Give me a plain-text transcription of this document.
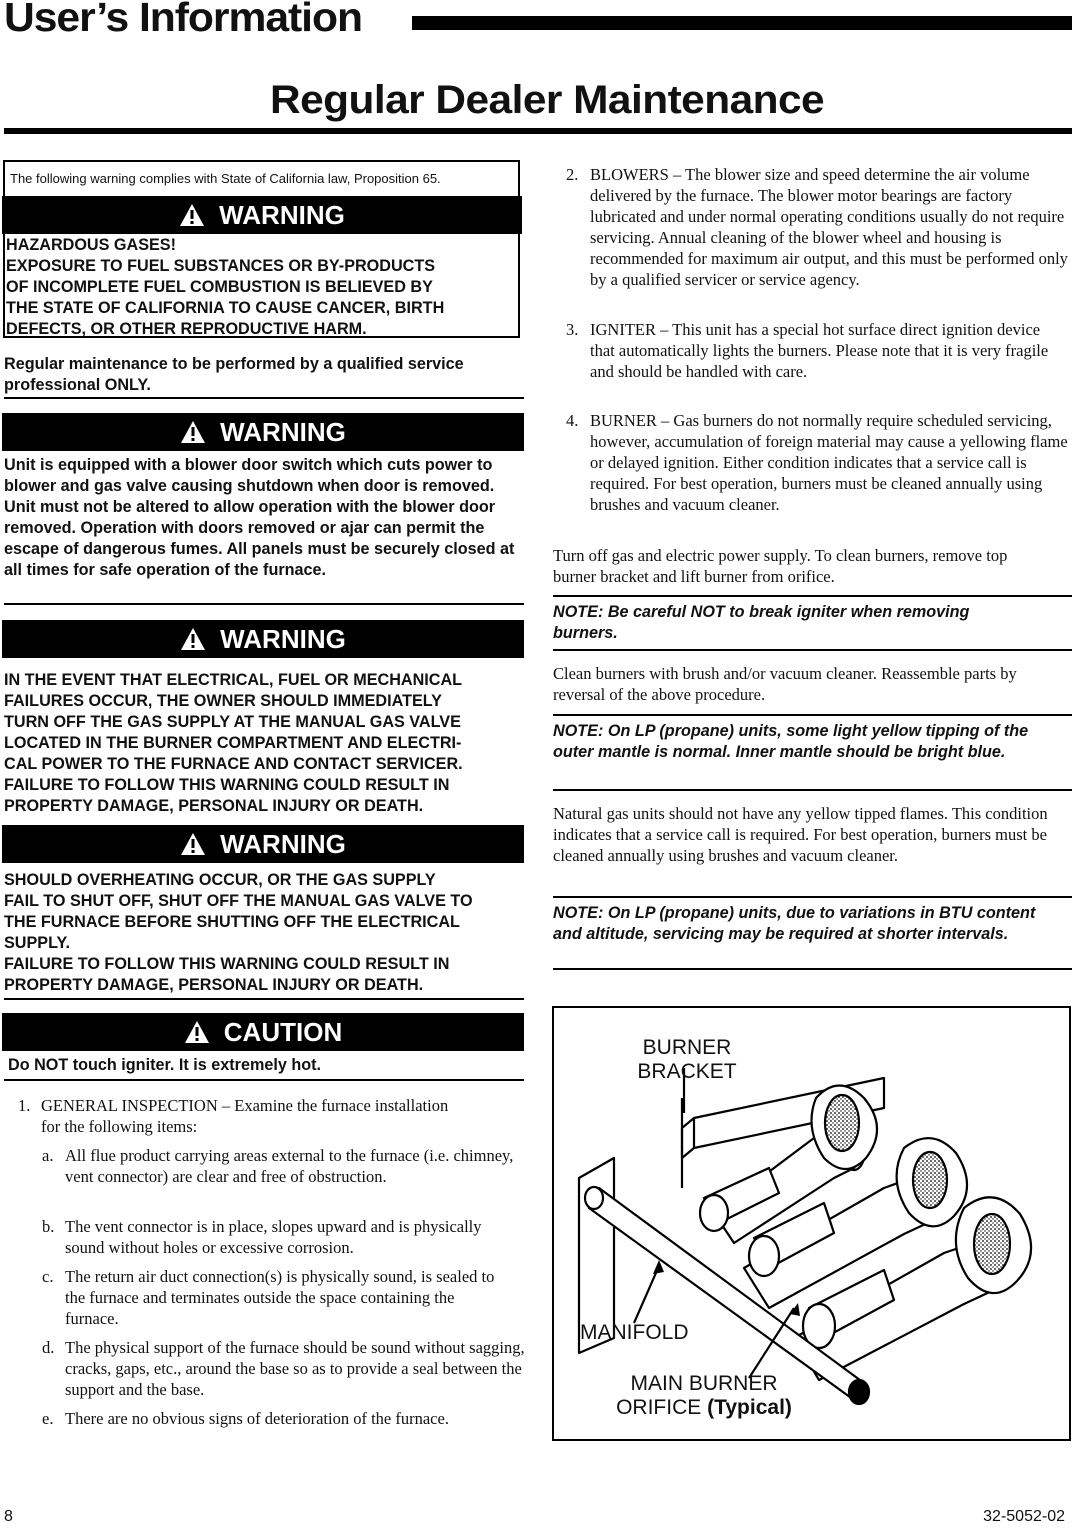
User’s Information
Regular Dealer Maintenance
The following warning complies with State of California law, Proposition 65.
WARNING
HAZARDOUS GASES!
EXPOSURE TO FUEL SUBSTANCES OR BY-PRODUCTS
OF INCOMPLETE FUEL COMBUSTION IS BELIEVED BY
THE STATE OF CALIFORNIA TO CAUSE CANCER, BIRTH
DEFECTS, OR OTHER REPRODUCTIVE HARM.
Regular maintenance to be performed by a qualified service professional ONLY.
WARNING
Unit is equipped with a blower door switch which cuts power to blower and gas valve causing shutdown when door is removed. Unit must not be altered to allow operation with the blower door removed. Operation with doors removed or ajar can permit the escape of dangerous fumes. All panels must be securely closed at all times for safe operation of the furnace.
WARNING
IN THE EVENT THAT ELECTRICAL, FUEL OR MECHANICAL
FAILURES OCCUR, THE OWNER SHOULD IMMEDIATELY
TURN OFF THE GAS SUPPLY AT THE MANUAL GAS VALVE
LOCATED IN THE BURNER COMPARTMENT AND ELECTRI-
CAL POWER TO THE FURNACE AND CONTACT SERVICER.
FAILURE TO FOLLOW THIS WARNING COULD RESULT IN
PROPERTY DAMAGE, PERSONAL INJURY OR DEATH.
WARNING
SHOULD OVERHEATING OCCUR, OR THE GAS SUPPLY
FAIL TO SHUT OFF, SHUT OFF THE MANUAL GAS VALVE TO
THE FURNACE BEFORE SHUTTING OFF THE ELECTRICAL
SUPPLY.
FAILURE TO FOLLOW THIS WARNING COULD RESULT IN
PROPERTY DAMAGE, PERSONAL INJURY OR DEATH.
CAUTION
Do NOT touch igniter. It is extremely hot.
1. GENERAL INSPECTION – Examine the furnace installation for the following items:
a. All flue product carrying areas external to the furnace (i.e. chimney, vent connector) are clear and free of obstruction.
b. The vent connector is in place, slopes upward and is physically sound without holes or excessive corrosion.
c. The return air duct connection(s) is physically sound, is sealed to the furnace and terminates outside the space containing the furnace.
d. The physical support of the furnace should be sound without sagging, cracks, gaps, etc., around the base so as to provide a seal between the support and the base.
e. There are no obvious signs of deterioration of the furnace.
2. BLOWERS – The blower size and speed determine the air volume delivered by the furnace. The blower motor bearings are factory lubricated and under normal operating conditions usually do not require servicing. Annual cleaning of the blower wheel and housing is recommended for maximum air output, and this must be performed only by a qualified servicer or service agency.
3. IGNITER – This unit has a special hot surface direct ignition device that automatically lights the burners. Please note that it is very fragile and should be handled with care.
4. BURNER – Gas burners do not normally require scheduled servicing, however, accumulation of foreign material may cause a yellowing flame or delayed ignition. Either condition indicates that a service call is required. For best operation, burners must be cleaned annually using brushes and vacuum cleaner.
Turn off gas and electric power supply. To clean burners, remove top burner bracket and lift burner from orifice.
NOTE: Be careful NOT to break igniter when removing burners.
Clean burners with brush and/or vacuum cleaner. Reassemble parts by reversal of the above procedure.
NOTE: On LP (propane) units, some light yellow tipping of the outer mantle is normal. Inner mantle should be bright blue.
Natural gas units should not have any yellow tipped flames. This condition indicates that a service call is required. For best operation, burners must be cleaned annually using brushes and vacuum cleaner.
NOTE: On LP (propane) units, due to variations in BTU content and altitude, servicing may be required at shorter intervals.
BURNER
BRACKET
MANIFOLD
MAIN BURNER
ORIFICE (Typical)
8	32-5052-02
